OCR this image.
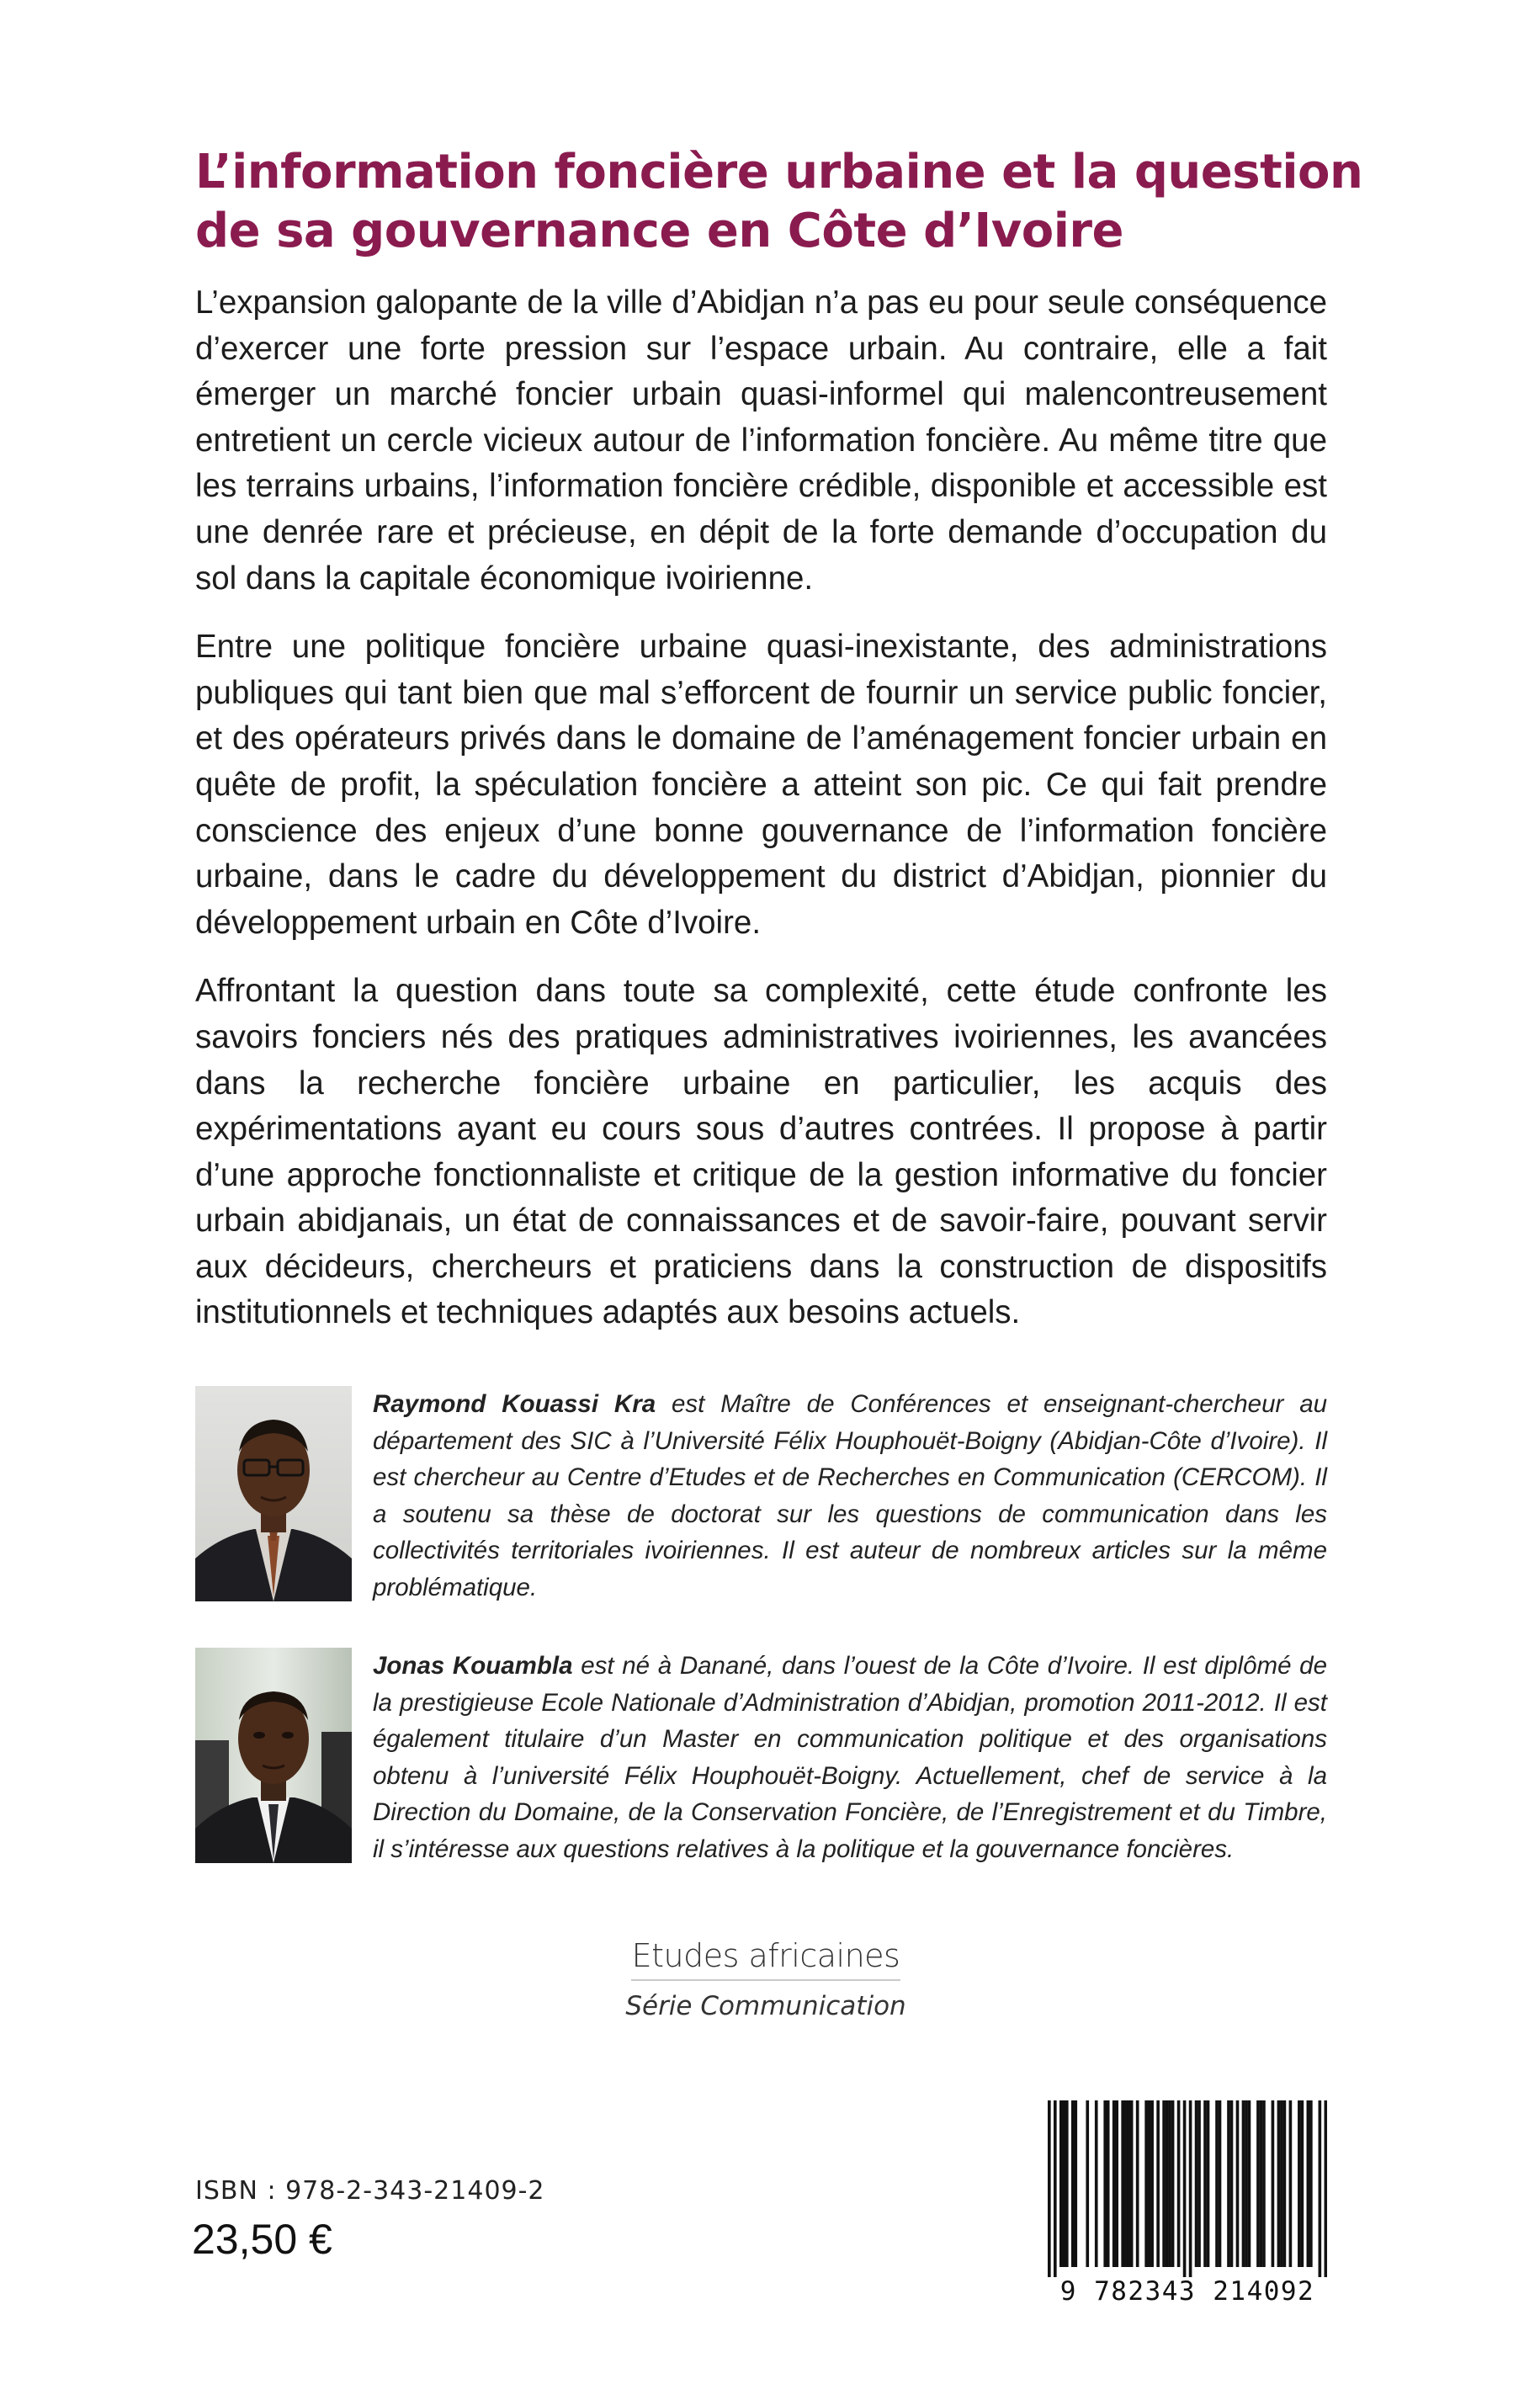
L’information foncière urbaine et la question
de sa gouvernance en Côte d’Ivoire

L’expansion galopante de la ville d’Abidjan n’a pas eu pour seule conséquence d’exercer une forte pression sur l’espace urbain. Au contraire, elle a fait émerger un marché foncier urbain quasi-informel qui malencontreusement entretient un cercle vicieux autour de l’information foncière. Au même titre que les terrains urbains, l’information foncière crédible, disponible et accessible est une denrée rare et précieuse, en dépit de la forte demande d’occupation du sol dans la capitale économique ivoirienne.

Entre une politique foncière urbaine quasi-inexistante, des administrations publiques qui tant bien que mal s’efforcent de fournir un service public foncier, et des opérateurs privés dans le domaine de l’aménagement foncier urbain en quête de profit, la spéculation foncière a atteint son pic. Ce qui fait prendre conscience des enjeux d’une bonne gouvernance de l’information foncière urbaine, dans le cadre du développement du district d’Abidjan, pionnier du développement urbain en Côte d’Ivoire.

Affrontant la question dans toute sa complexité, cette étude confronte les savoirs fonciers nés des pratiques administratives ivoiriennes, les avancées dans la recherche foncière urbaine en particulier, les acquis des expérimentations ayant eu cours sous d’autres contrées. Il propose à partir d’une approche fonctionnaliste et critique de la gestion informative du foncier urbain abidjanais, un état de connaissances et de savoir-faire, pouvant servir aux décideurs, chercheurs et praticiens dans la construction de dispositifs institutionnels et techniques adaptés aux besoins actuels.

Raymond Kouassi Kra est Maître de Conférences et enseignant-chercheur au département des SIC à l’Université Félix Houphouët-Boigny (Abidjan-Côte d’Ivoire). Il est chercheur au Centre d’Etudes et de Recherches en Communication (CERCOM). Il a soutenu sa thèse de doctorat sur les questions de communication dans les collectivités territoriales ivoiriennes. Il est auteur de nombreux articles sur la même problématique.

Jonas Kouambla est né à Danané, dans l’ouest de la Côte d’Ivoire. Il est diplômé de la prestigieuse Ecole Nationale d’Administration d’Abidjan, promotion 2011-2012. Il est également titulaire d’un Master en communication politique et des organisations obtenu à l’université Félix Houphouët-Boigny. Actuellement, chef de service à la Direction du Domaine, de la Conservation Foncière, de l’Enregistrement et du Timbre, il s’intéresse aux questions relatives à la politique et la gouvernance foncières.

Etudes africaines
Série Communication
ISBN : 978-2-343-21409-2
23,50 €
9 782343 214092
